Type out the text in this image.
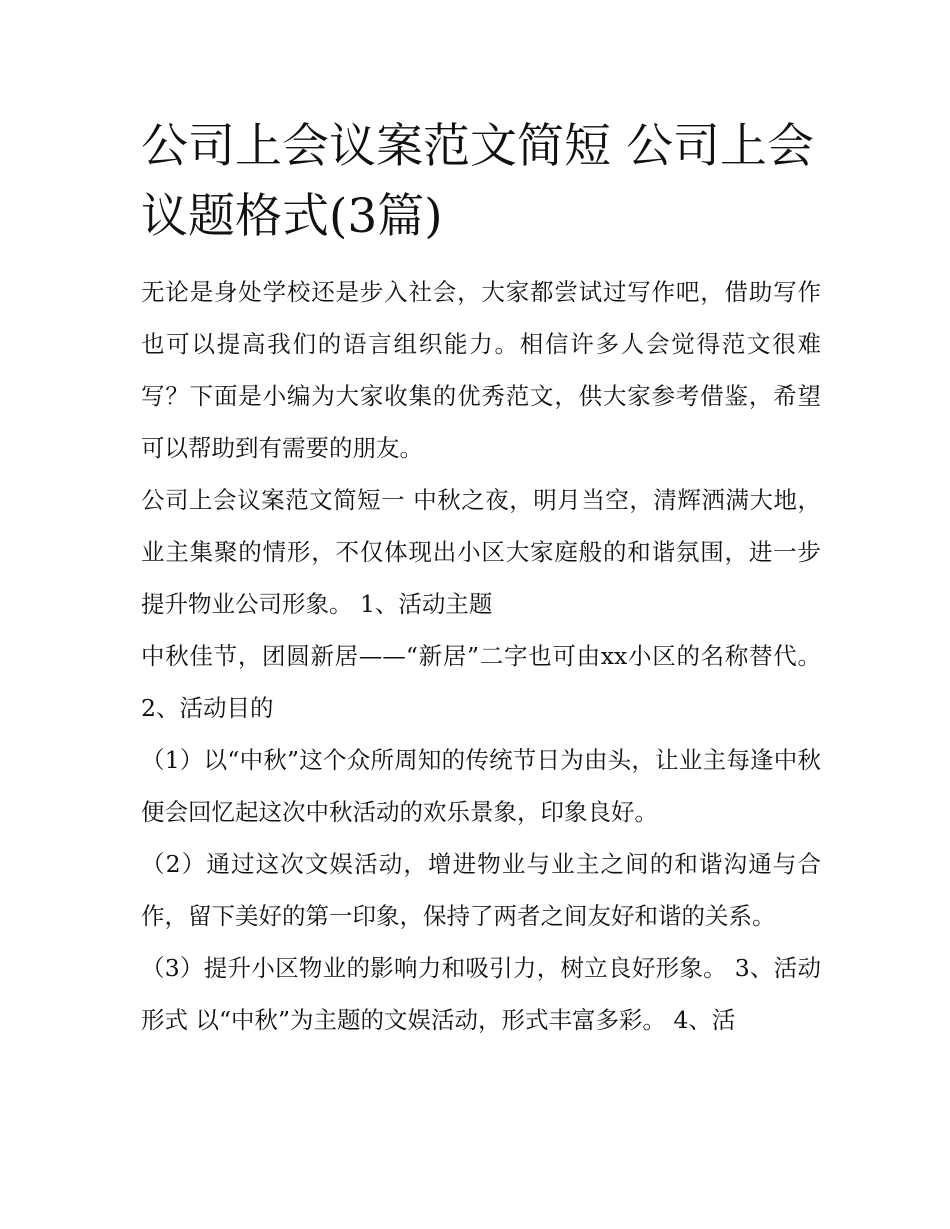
公司上会议案范文简短 公司上会议题格式(3篇)

无论是身处学校还是步入社会，大家都尝试过写作吧，借助写作也可以提高我们的语言组织能力。相信许多人会觉得范文很难写？下面是小编为大家收集的优秀范文，供大家参考借鉴，希望可以帮助到有需要的朋友。

公司上会议案范文简短一 中秋之夜，明月当空，清辉洒满大地，业主集聚的情形，不仅体现出小区大家庭般的和谐氛围，进一步提升物业公司形象。 1、活动主题

中秋佳节，团圆新居——“新居”二字也可由xx小区的名称替代。 2、活动目的

（1）以“中秋”这个众所周知的传统节日为由头，让业主每逢中秋便会回忆起这次中秋活动的欢乐景象，印象良好。

（2）通过这次文娱活动，增进物业与业主之间的和谐沟通与合作，留下美好的第一印象，保持了两者之间友好和谐的关系。

（3）提升小区物业的影响力和吸引力，树立良好形象。 3、活动形式 以“中秋”为主题的文娱活动，形式丰富多彩。 4、活
